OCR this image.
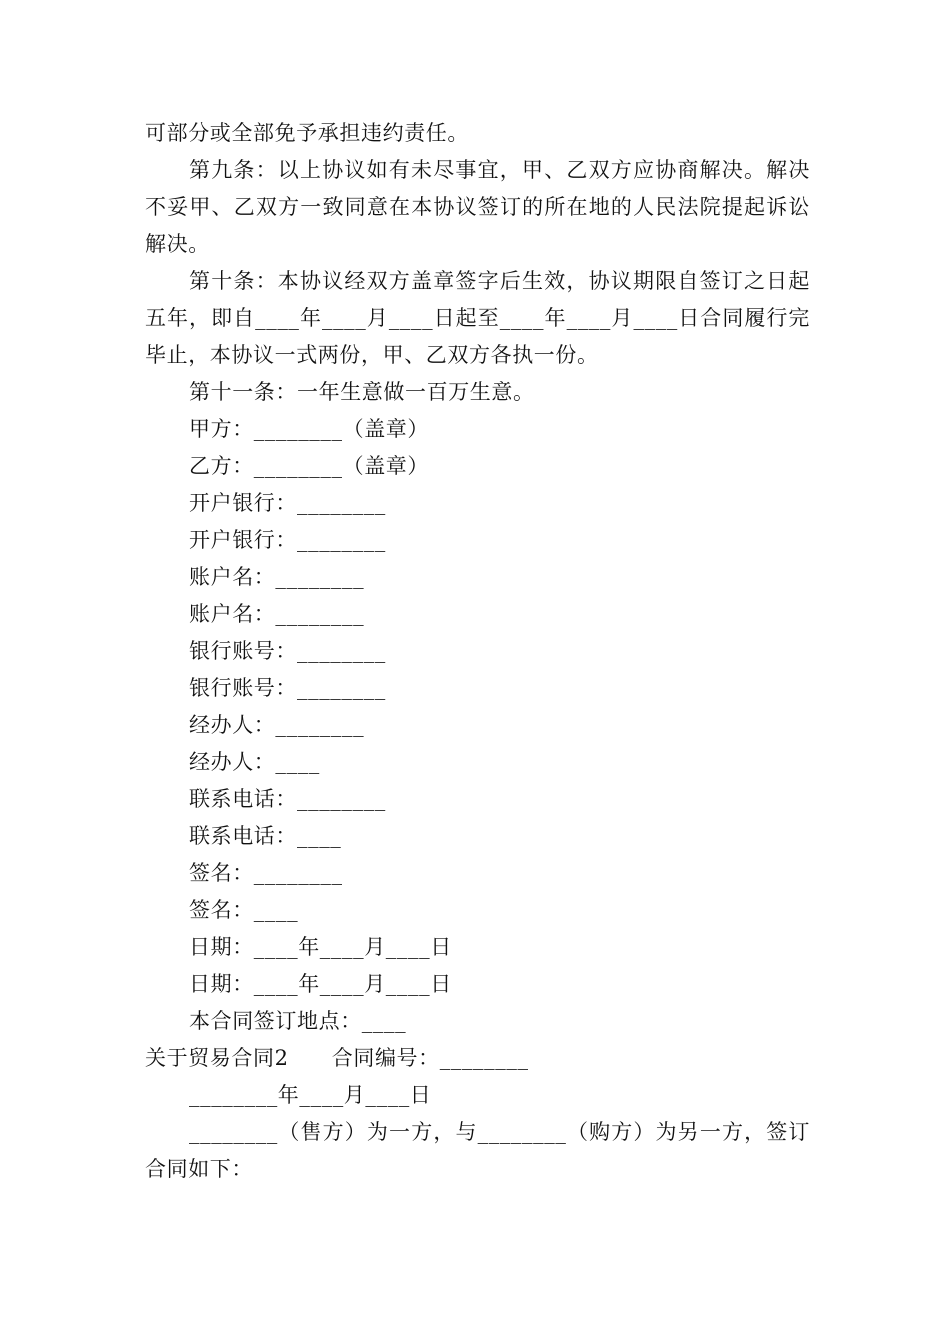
可部分或全部免予承担违约责任。

第九条：以上协议如有未尽事宜，甲、乙双方应协商解决。解决不妥甲、乙双方一致同意在本协议签订的所在地的人民法院提起诉讼解决。

第十条：本协议经双方盖章签字后生效，协议期限自签订之日起五年，即自____年____月____日起至____年____月____日合同履行完毕止，本协议一式两份，甲、乙双方各执一份。

第十一条：一年生意做一百万生意。

甲方：________（盖章）

乙方：________（盖章）

开户银行：________

开户银行：________

账户名：________

账户名：________

银行账号：________

银行账号：________

经办人：________

经办人：____

联系电话：________

联系电话：____

签名：________

签名：____

日期：____年____月____日

日期：____年____月____日

本合同签订地点：____

关于贸易合同2　　合同编号：________

________年____月____日

________（售方）为一方，与________（购方）为另一方，签订合同如下：
